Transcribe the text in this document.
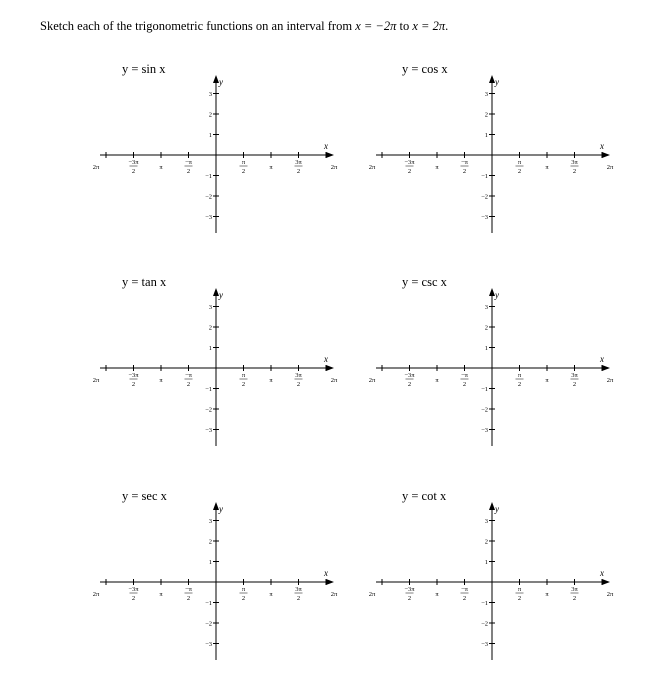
Sketch each of the trigonometric functions on an interval from x = −2π to x = 2π.
y = sin x
x
y
2π
−3π
2
π
−π
2
π
2
π
3π
2
2π
3
2
1
−1
−2
−3
y = cos x
x
y
2π
−3π
2
π
−π
2
π
2
π
3π
2
2π
3
2
1
−1
−2
−3
y = tan x
x
y
2π
−3π
2
π
−π
2
π
2
π
3π
2
2π
3
2
1
−1
−2
−3
y = csc x
x
y
2π
−3π
2
π
−π
2
π
2
π
3π
2
2π
3
2
1
−1
−2
−3
y = sec x
x
y
2π
−3π
2
π
−π
2
π
2
π
3π
2
2π
3
2
1
−1
−2
−3
y = cot x
x
y
2π
−3π
2
π
−π
2
π
2
π
3π
2
2π
3
2
1
−1
−2
−3
